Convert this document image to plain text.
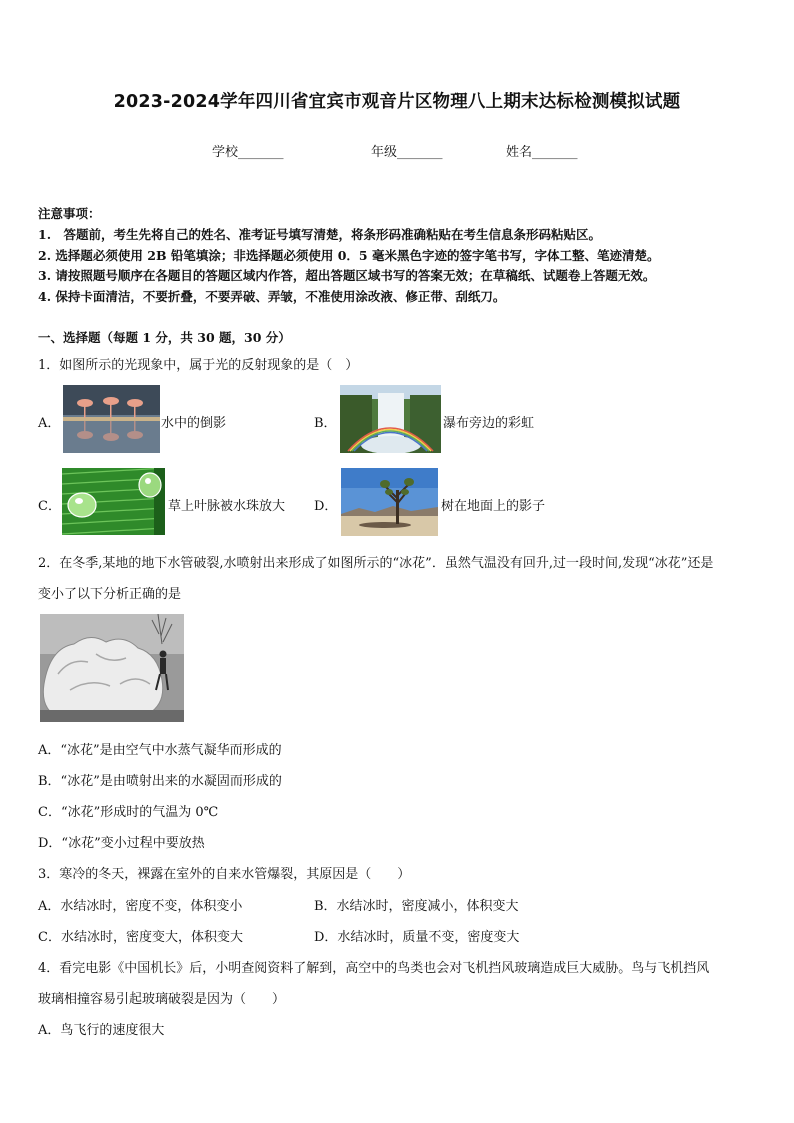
2023-2024学年四川省宜宾市观音片区物理八上期末达标检测模拟试题
学校_______	年级_______	姓名_______
注意事项：
1.　答题前，考生先将自己的姓名、准考证号填写清楚，将条形码准确粘贴在考生信息条形码粘贴区。
2. 选择题必须使用 2B 铅笔填涂；非选择题必须使用 0．5 毫米黑色字迹的签字笔书写，字体工整、笔迹清楚。
3. 请按照题号顺序在各题目的答题区域内作答，超出答题区域书写的答案无效；在草稿纸、试题卷上答题无效。
4. 保持卡面清洁，不要折叠，不要弄破、弄皱，不准使用涂改液、修正带、刮纸刀。
一、选择题（每题 1 分，共 30 题，30 分）
1．如图所示的光现象中，属于光的反射现象的是（　）
A．	水中的倒影	B．	瀑布旁边的彩虹
C．	草上叶脉被水珠放大 D．	树在地面上的影子
2．在冬季,某地的地下水管破裂,水喷射出来形成了如图所示的“冰花”．虽然气温没有回升,过一段时间,发现“冰花”还是
变小了以下分析正确的是
A．“冰花”是由空气中水蒸气凝华而形成的
B．“冰花”是由喷射出来的水凝固而形成的
C．“冰花”形成时的气温为 0℃
D．“冰花”变小过程中要放热
3．寒冷的冬天，裸露在室外的自来水管爆裂，其原因是（　　）
A．水结冰时，密度不变，体积变小	B．水结冰时，密度减小，体积变大
C．水结冰时，密度变大，体积变大	D．水结冰时，质量不变，密度变大
4．看完电影《中国机长》后，小明查阅资料了解到，高空中的鸟类也会对飞机挡风玻璃造成巨大威胁。鸟与飞机挡风
玻璃相撞容易引起玻璃破裂是因为（　　）
A．鸟飞行的速度很大
